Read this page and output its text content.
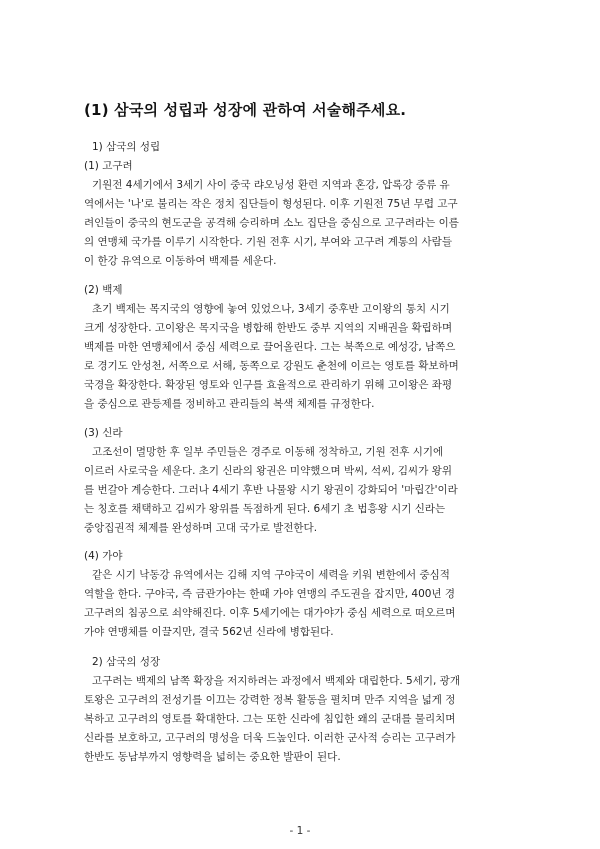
(1) 삼국의 성립과 성장에 관하여 서술해주세요.
1) 삼국의 성립
(1) 고구려
기원전 4세기에서 3세기 사이 중국 랴오닝성 환런 지역과 혼강, 압록강 중류 유
역에서는 '나'로 불리는 작은 정치 집단들이 형성된다. 이후 기원전 75년 무렵 고구
려인들이 중국의 현도군을 공격해 승리하며 소노 집단을 중심으로 고구려라는 이름
의 연맹체 국가를 이루기 시작한다. 기원 전후 시기, 부여와 고구려 계통의 사람들
이 한강 유역으로 이동하여 백제를 세운다.
(2) 백제
초기 백제는 목지국의 영향에 놓여 있었으나, 3세기 중후반 고이왕의 통치 시기
크게 성장한다. 고이왕은 목지국을 병합해 한반도 중부 지역의 지배권을 확립하며
백제를 마한 연맹체에서 중심 세력으로 끌어올린다. 그는 북쪽으로 예성강, 남쪽으
로 경기도 안성천, 서쪽으로 서해, 동쪽으로 강원도 춘천에 이르는 영토를 확보하며
국경을 확장한다. 확장된 영토와 인구를 효율적으로 관리하기 위해 고이왕은 좌평
을 중심으로 관등제를 정비하고 관리들의 복색 체제를 규정한다.
(3) 신라
고조선이 멸망한 후 일부 주민들은 경주로 이동해 정착하고, 기원 전후 시기에
이르러 사로국을 세운다. 초기 신라의 왕권은 미약했으며 박씨, 석씨, 김씨가 왕위
를 번갈아 계승한다. 그러나 4세기 후반 나물왕 시기 왕권이 강화되어 '마립간'이라
는 칭호를 채택하고 김씨가 왕위를 독점하게 된다. 6세기 초 법흥왕 시기 신라는
중앙집권적 체제를 완성하며 고대 국가로 발전한다.
(4) 가야
같은 시기 낙동강 유역에서는 김해 지역 구야국이 세력을 키워 변한에서 중심적
역할을 한다. 구야국, 즉 금관가야는 한때 가야 연맹의 주도권을 잡지만, 400년 경
고구려의 침공으로 쇠약해진다. 이후 5세기에는 대가야가 중심 세력으로 떠오르며
가야 연맹체를 이끌지만, 결국 562년 신라에 병합된다.
2) 삼국의 성장
고구려는 백제의 남쪽 확장을 저지하려는 과정에서 백제와 대립한다. 5세기, 광개
토왕은 고구려의 전성기를 이끄는 강력한 정복 활동을 펼치며 만주 지역을 넓게 정
복하고 고구려의 영토를 확대한다. 그는 또한 신라에 침입한 왜의 군대를 물리치며
신라를 보호하고, 고구려의 명성을 더욱 드높인다. 이러한 군사적 승리는 고구려가
한반도 동남부까지 영향력을 넓히는 중요한 발판이 된다.
- 1 -
